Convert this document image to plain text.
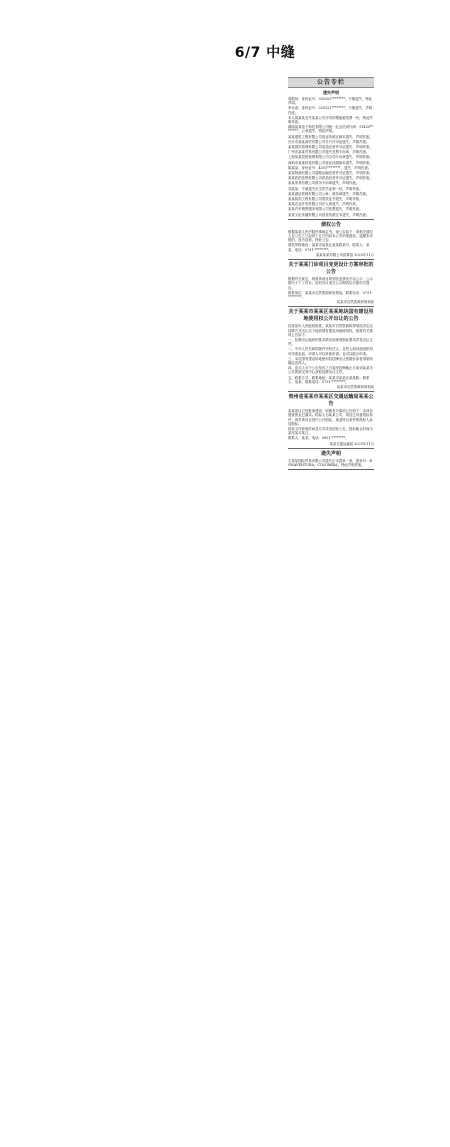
6/7 中缝
公告专栏
遗失声明
周鼓扬：身份证号：330102********，不慎遗失，特此声明。
李永清：身份证号：320121********，不慎遗失，声明作废。
本人周某某丢失某某公司开具的增值税发票一份，特此声明作废。
湖南某某电子科技有限公司统一社会信用代码：91430********，公章遗失，特此声明。
某某建筑工程有限公司营业执照正副本遗失，声明作废。
长沙市某某商贸有限公司开户许可证遗失，声明作废。
某某餐饮管理有限公司食品经营许可证遗失，声明作废。
广州市某某贸易有限公司遗失发票专用章，声明作废。
上海某某投资管理有限公司合同专用章遗失，声明作废。
深圳市某某科技有限公司营业执照副本遗失，声明作废。
陈某某：身份证号：4301********，遗失，声明作废。
某某物流有限公司道路运输经营许可证遗失，声明作废。
某某医药连锁有限公司药品经营许可证遗失，声明作废。
某某家具有限公司财务专用章遗失，声明作废。
刘某某：不慎遗失出生医学证明一份，声明作废。
某某酒店管理有限公司公章、财务章遗失，声明作废。
某某装饰工程有限公司资质证书遗失，声明作废。
某某农业开发有限公司法人章遗失，声明作废。
某某汽车销售服务有限公司发票遗失，声明作废。
某某文化传播有限公司营业执照正本遗失，声明作废。
债权公告
根据某某人民法院民事裁定书，现公告如下：请相关债权人自公告之日起四十五日内向本公司申报债权，逾期未申报的，视为放弃。特此公告。
债权申报地址：某某市某某区某某路某号，联系人：某某，电话：0731-********。
某某某某有限公司清算组 2023年11月
关于某某门诊项目变更设计方案审批的公告
根据有关规定，现将该项目规划变更情况予以公示，公示期为十个工作日，如有异议请在公示期内以书面形式提出。
联系单位：某某市自然资源和规划局，联系电话：0731-********。
某某市自然资源和规划局
关于某某市某某区某某地块国有建设用地使用权公开出让的公告
经某某市人民政府批准，某某市自然资源和规划局决定以挂牌方式出让以下地块国有建设用地使用权，现将有关事项公告如下：
一、挂牌出让地块的基本情况和规划指标要求详见出让文件。
二、中华人民共和国境内外的法人、自然人和其他组织均可申请参加，申请人可以单独申请，也可以联合申请。
三、本次国有建设用地使用权挂牌出让按照价高者得原则确定竞得人。
四、竞买人可于公告发布之日起至挂牌截止日前到某某市公共资源交易中心获取挂牌出让文件。
五、联系方式：联系地址：某某市某某区某某路；联系人：某某；联系电话：0731-********。
某某市自然资源和规划局
贵州省某某市某某区交通运输局某某公告
某某项目已经批准建设，现就有关事项公告如下：本项目建设资金已落实，招标人为某某公司，项目已具备招标条件，现对该项目进行公开招标，欢迎符合条件的投标人参加投标。
招标文件获取时间及方式详见招标公告，投标截止时间为某年某月某日。
联系人：某某，电话：0851-********。
某某交通运输局 2023年11月
遗失声明
王某某国际贸易有限公司遗失正本提单一套，提单号：BONAVENTURA，COLOMBIA，特此声明作废。
